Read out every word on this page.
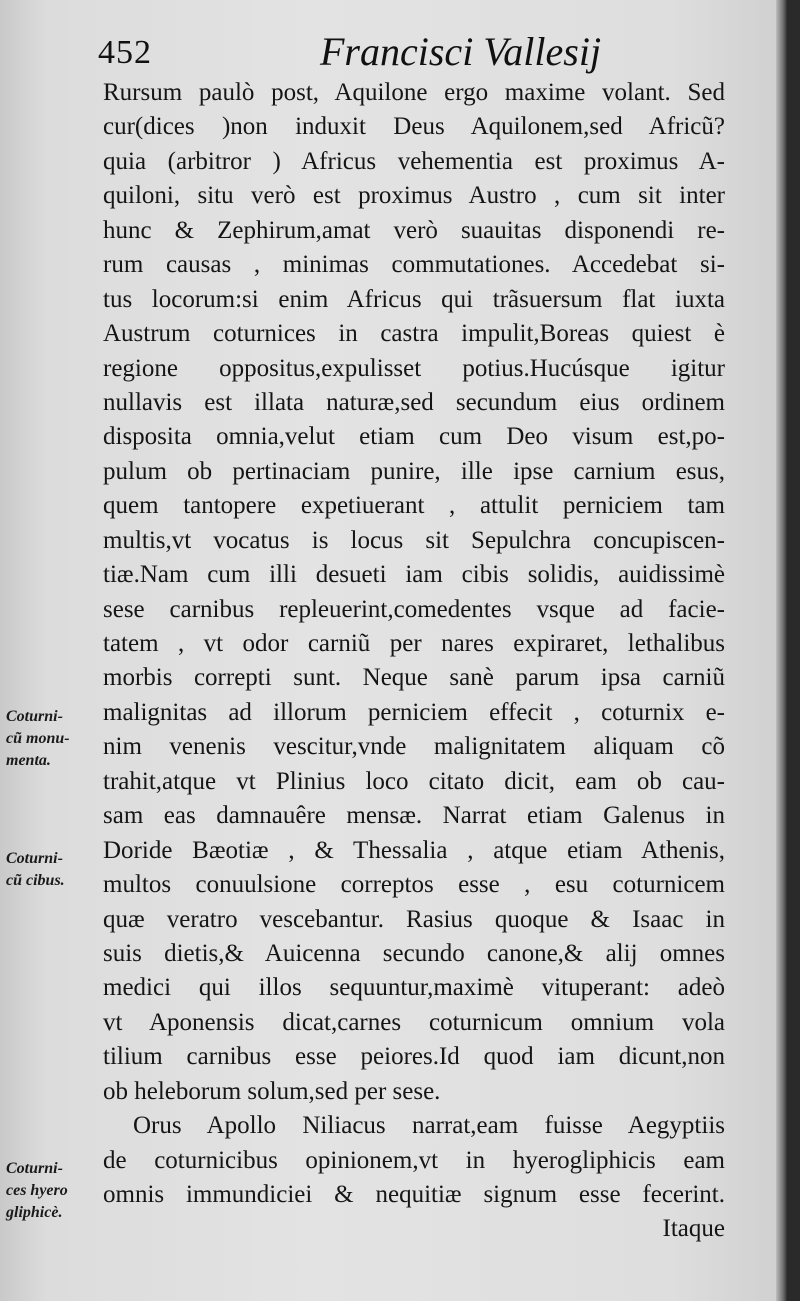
452	Francisci Vallesij
Rursum paulò post, Aquilone ergo maxime volant. Sed
cur(dices )non induxit Deus Aquilonem,sed Africũ?
quia (arbitror ) Africus vehementia est proximus A-
quiloni, situ verò est proximus Austro , cum sit inter
hunc & Zephirum,amat verò suauitas disponendi re-
rum causas , minimas commutationes. Accedebat si-
tus locorum:si enim Africus qui trãsuersum flat iuxta
Austrum coturnices in castra impulit,Boreas quiest è
regione oppositus,expulisset potius.Hucúsque igitur
nullavis est illata naturæ,sed secundum eius ordinem
disposita omnia,velut etiam cum Deo visum est,po-
pulum ob pertinaciam punire, ille ipse carnium esus,
quem tantopere expetiuerant , attulit perniciem tam
multis,vt vocatus is locus sit Sepulchra concupiscen-
tiæ.Nam cum illi desueti iam cibis solidis, auidissimè
sese carnibus repleuerint,comedentes vsque ad facie-
tatem , vt odor carniũ per nares expiraret, lethalibus
morbis correpti sunt. Neque sanè parum ipsa carniũ
malignitas ad illorum perniciem effecit , coturnix e-
nim venenis vescitur,vnde malignitatem aliquam cõ
trahit,atque vt Plinius loco citato dicit, eam ob cau-
sam eas damnauêre mensæ. Narrat etiam Galenus in
Doride Bæotiæ , & Thessalia , atque etiam Athenis,
multos conuulsione correptos esse , esu coturnicem
quæ veratro vescebantur. Rasius quoque & Isaac in
suis dietis,& Auicenna secundo canone,& alij omnes
medici qui illos sequuntur,maximè vituperant: adeò
vt Aponensis dicat,carnes coturnicum omnium vola
tilium carnibus esse peiores.Id quod iam dicunt,non
ob heleborum solum,sed per sese.
Orus Apollo Niliacus narrat,eam fuisse Aegyptiis
de coturnicibus opinionem,vt in hyerogliphicis eam
omnis immundiciei & nequitiæ signum esse fecerint.
Itaque
Coturni-
cũ monu-
menta.
Coturni-
cũ cibus.
Coturni-
ces hyero
gliphicè.
